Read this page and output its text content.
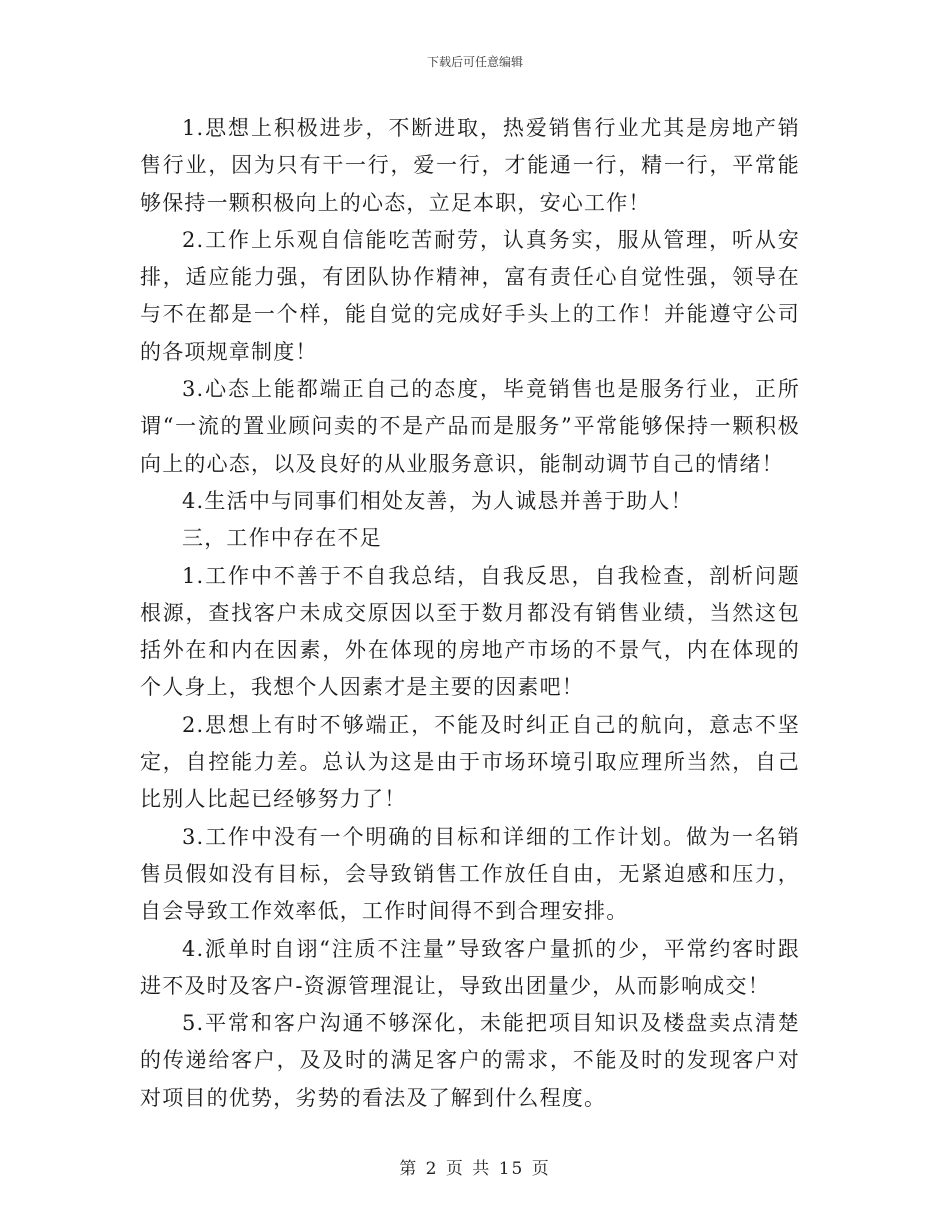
下载后可任意编辑

1.思想上积极进步，不断进取，热爱销售行业尤其是房地产销售行业，因为只有干一行，爱一行，才能通一行，精一行，平常能够保持一颗积极向上的心态，立足本职，安心工作！

2.工作上乐观自信能吃苦耐劳，认真务实，服从管理，听从安排，适应能力强，有团队协作精神，富有责任心自觉性强，领导在与不在都是一个样，能自觉的完成好手头上的工作！并能遵守公司的各项规章制度！

3.心态上能都端正自己的态度，毕竟销售也是服务行业，正所谓“一流的置业顾问卖的不是产品而是服务”平常能够保持一颗积极向上的心态，以及良好的从业服务意识，能制动调节自己的情绪！

4.生活中与同事们相处友善，为人诚恳并善于助人！

三，工作中存在不足

1.工作中不善于不自我总结，自我反思，自我检查，剖析问题根源，查找客户未成交原因以至于数月都没有销售业绩，当然这包括外在和内在因素，外在体现的房地产市场的不景气，内在体现的个人身上，我想个人因素才是主要的因素吧！

2.思想上有时不够端正，不能及时纠正自己的航向，意志不坚定，自控能力差。总认为这是由于市场环境引取应理所当然，自己比别人比起已经够努力了！

3.工作中没有一个明确的目标和详细的工作计划。做为一名销售员假如没有目标，会导致销售工作放任自由，无紧迫感和压力，自会导致工作效率低，工作时间得不到合理安排。

4.派单时自诩“注质不注量”导致客户量抓的少，平常约客时跟进不及时及客户-资源管理混让，导致出团量少，从而影响成交！

5.平常和客户沟通不够深化，未能把项目知识及楼盘卖点清楚的传递给客户，及及时的满足客户的需求，不能及时的发现客户对对项目的优势，劣势的看法及了解到什么程度。

第 2 页 共 15 页
